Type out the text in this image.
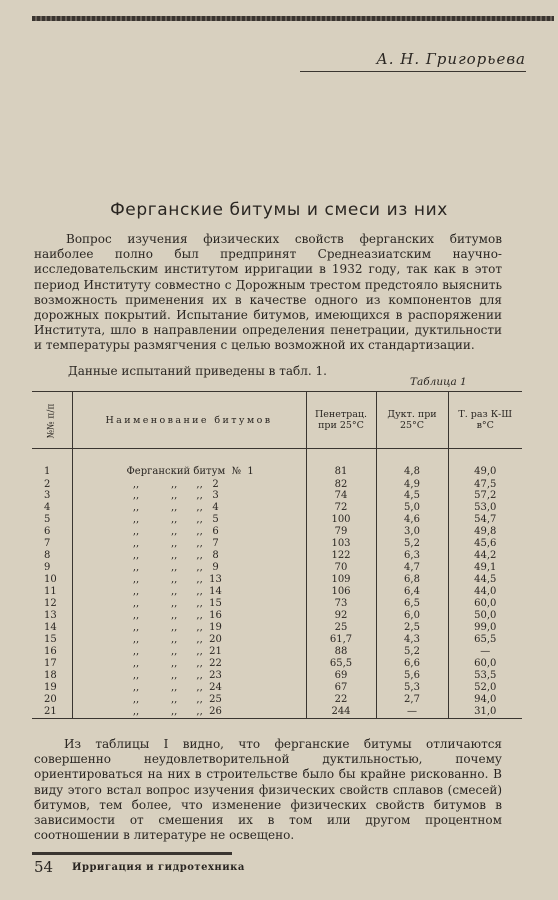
А. Н. Григорьева
Ферганские битумы и смеси из них

Вопрос изучения физических свойств ферганских битумов наиболее полно был предпринят Среднеазиатским научно-исследовательским институтом ирригации в 1932 году, так как в этот период Институту совместно с Дорожным трестом предстояло выяснить возможность применения их в качестве одного из компонентов для дорожных покрытий. Испытание битумов, имеющихся в распоряжении Института, шло в направлении определения пенетрации, дуктильности и температуры размягчения с целью возможной их стандартизации.

Данные испытаний приведены в табл. 1.
Таблица 1
№№ п/п	Наименование битумов	Пенетрац. при 25°C	Дукт. при 25°C	Т. раз К-Ш в°C
1	Ферганский битум  №  1	81	4,8	49,0
2	,,          ,,      ,,   2	82	4,9	47,5
3	,,          ,,      ,,   3	74	4,5	57,2
4	,,          ,,      ,,   4	72	5,0	53,0
5	,,          ,,      ,,   5	100	4,6	54,7
6	,,          ,,      ,,   6	79	3,0	49,8
7	,,          ,,      ,,   7	103	5,2	45,6
8	,,          ,,      ,,   8	122	6,3	44,2
9	,,          ,,      ,,   9	70	4,7	49,1
10	,,          ,,      ,,  13	109	6,8	44,5
11	,,          ,,      ,,  14	106	6,4	44,0
12	,,          ,,      ,,  15	73	6,5	60,0
13	,,          ,,      ,,  16	92	6,0	50,0
14	,,          ,,      ,,  19	25	2,5	99,0
15	,,          ,,      ,,  20	61,7	4,3	65,5
16	,,          ,,      ,,  21	88	5,2	—
17	,,          ,,      ,,  22	65,5	6,6	60,0
18	,,          ,,      ,,  23	69	5,6	53,5
19	,,          ,,      ,,  24	67	5,3	52,0
20	,,          ,,      ,,  25	22	2,7	94,0
21	,,          ,,      ,,  26	244	—	31,0

Из таблицы I видно, что ферганские битумы отличаются совершенно неудовлетворительной дуктильностью, почему ориентироваться на них в строительстве было бы крайне рискованно. В виду этого встал вопрос изучения физических свойств сплавов (смесей) битумов, тем более, что изменение физических свойств битумов в зависимости от смешения их в том или другом процентном соотношении в литературе не освещено.

54 Ирригация и гидротехника
